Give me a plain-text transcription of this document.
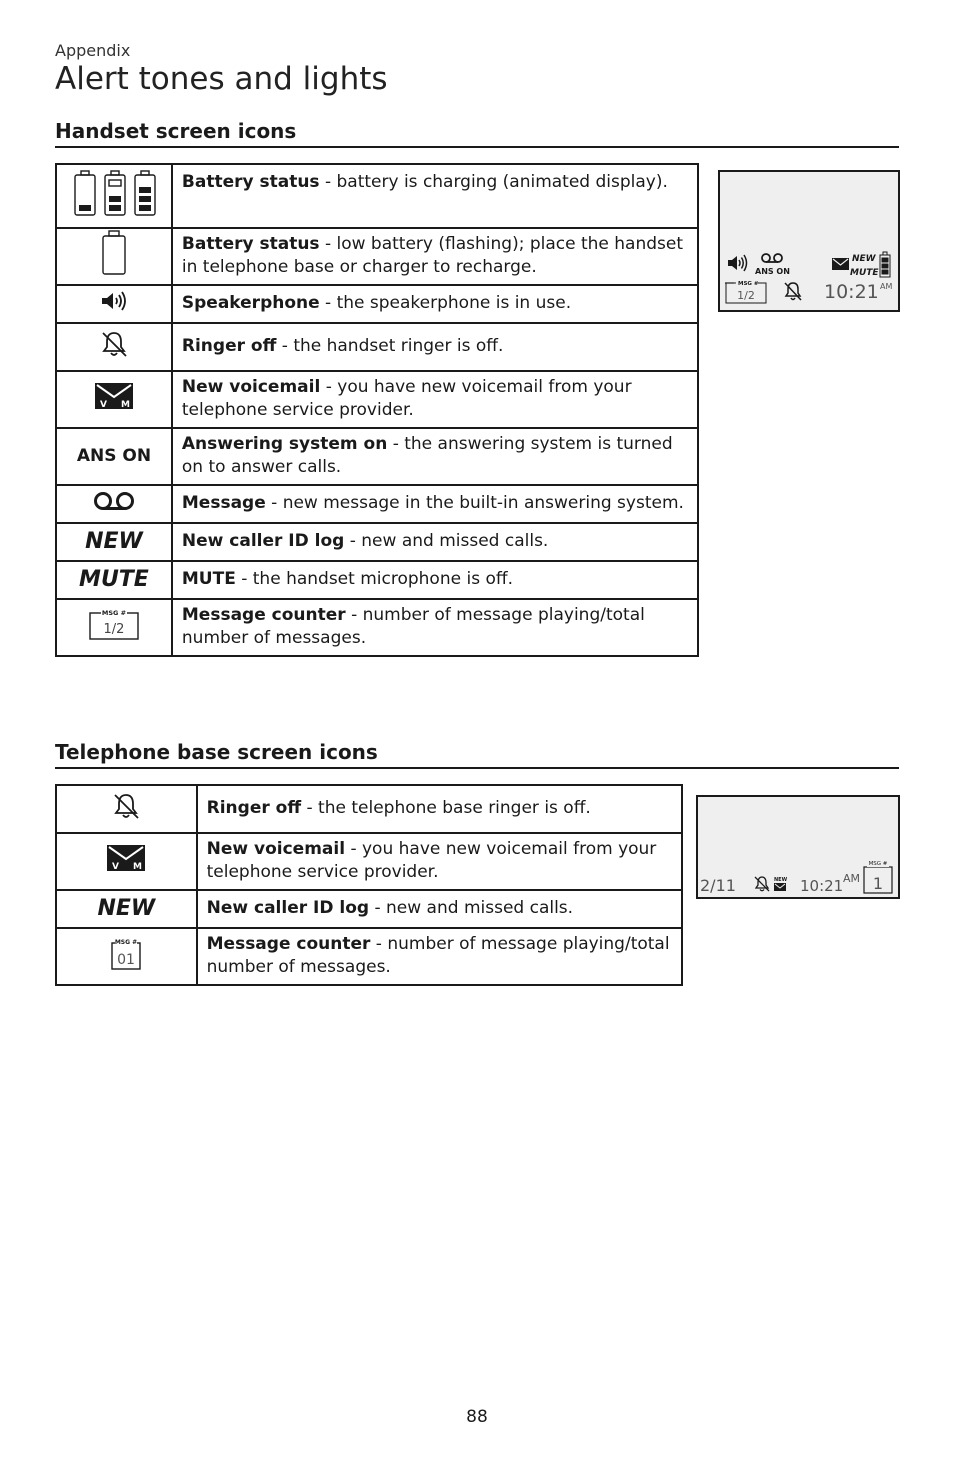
Appendix
Alert tones and lights
Handset screen icons
	Battery status - battery is charging (animated display).
	Battery status - low battery (flashing); place the handset in telephone base or charger to recharge.
	Speakerphone - the speakerphone is in use.
	Ringer off - the handset ringer is off.

V M	New voicemail - you have new voicemail from your telephone service provider.
ANS ON	Answering system on - the answering system is turned on to answer calls.
	Message - new message in the built-in answering system.
NEW	New caller ID log - new and missed calls.
MUTE	MUTE - the handset microphone is off.

MSG #
1/2	Message counter - number of message playing/total number of messages.
ANS ON
NEW
MUTE
MSG #
1/2	10:21 AM
Telephone base screen icons
	Ringer off - the telephone base ringer is off.

V M	New voicemail - you have new voicemail from your telephone service provider.
NEW	New caller ID log - new and missed calls.

MSG #
01	Message counter - number of message playing/total number of messages.
2/11	NEW 10:21 AM
MSG #
1
88
